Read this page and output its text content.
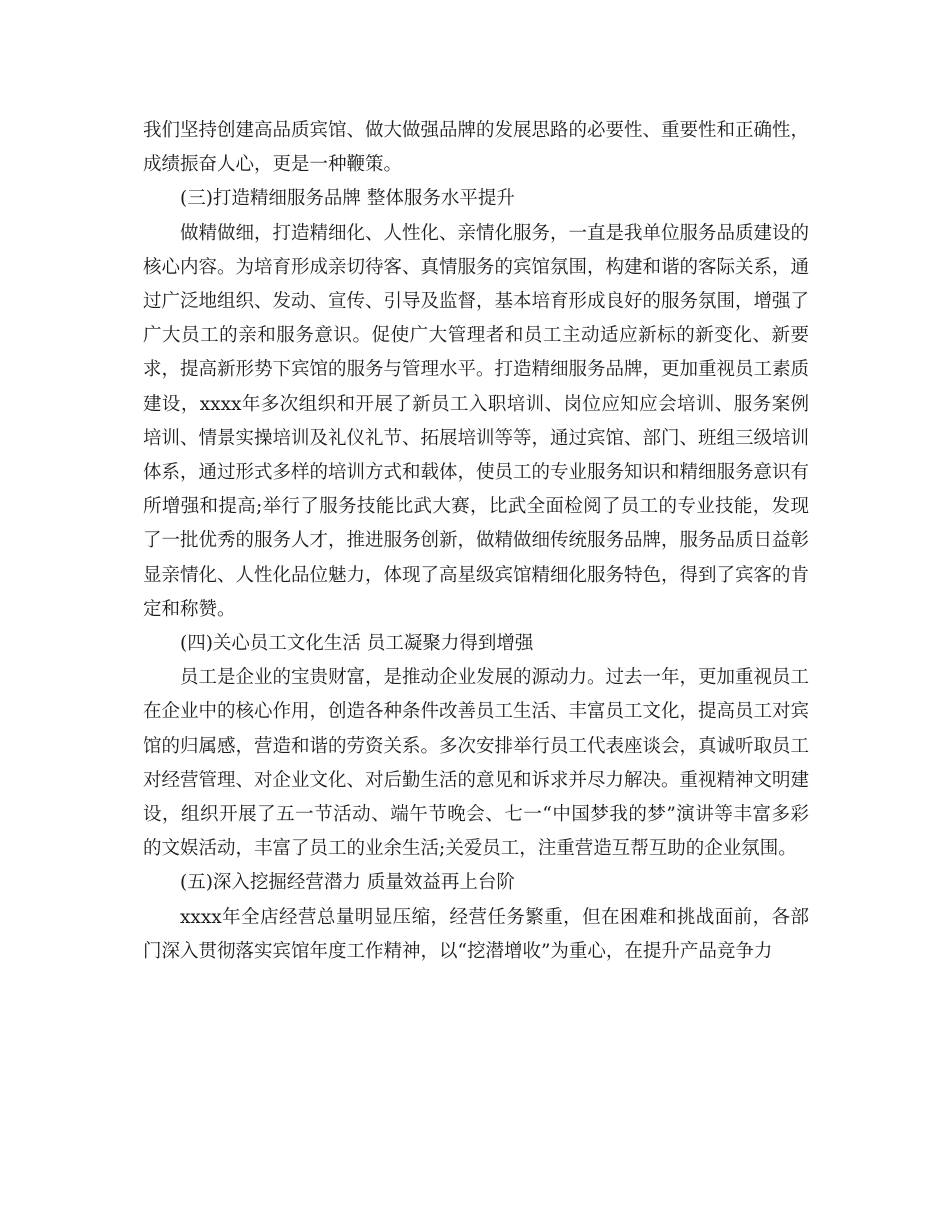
我们坚持创建高品质宾馆、做大做强品牌的发展思路的必要性、重要性和正确性，成绩振奋人心，更是一种鞭策。

(三)打造精细服务品牌 整体服务水平提升

做精做细，打造精细化、人性化、亲情化服务，一直是我单位服务品质建设的核心内容。为培育形成亲切待客、真情服务的宾馆氛围，构建和谐的客际关系，通过广泛地组织、发动、宣传、引导及监督，基本培育形成良好的服务氛围，增强了广大员工的亲和服务意识。促使广大管理者和员工主动适应新标的新变化、新要求，提高新形势下宾馆的服务与管理水平。打造精细服务品牌，更加重视员工素质建设，xxxx年多次组织和开展了新员工入职培训、岗位应知应会培训、服务案例培训、情景实操培训及礼仪礼节、拓展培训等等，通过宾馆、部门、班组三级培训体系，通过形式多样的培训方式和载体，使员工的专业服务知识和精细服务意识有所增强和提高;举行了服务技能比武大赛，比武全面检阅了员工的专业技能，发现了一批优秀的服务人才，推进服务创新，做精做细传统服务品牌，服务品质日益彰显亲情化、人性化品位魅力，体现了高星级宾馆精细化服务特色，得到了宾客的肯定和称赞。

(四)关心员工文化生活 员工凝聚力得到增强

员工是企业的宝贵财富，是推动企业发展的源动力。过去一年，更加重视员工在企业中的核心作用，创造各种条件改善员工生活、丰富员工文化，提高员工对宾馆的归属感，营造和谐的劳资关系。多次安排举行员工代表座谈会，真诚听取员工对经营管理、对企业文化、对后勤生活的意见和诉求并尽力解决。重视精神文明建设，组织开展了五一节活动、端午节晚会、七一“中国梦我的梦”演讲等丰富多彩的文娱活动，丰富了员工的业余生活;关爱员工，注重营造互帮互助的企业氛围。

(五)深入挖掘经营潜力 质量效益再上台阶

xxxx年全店经营总量明显压缩，经营任务繁重，但在困难和挑战面前，各部门深入贯彻落实宾馆年度工作精神，以“挖潜增收”为重心，在提升产品竞争力
